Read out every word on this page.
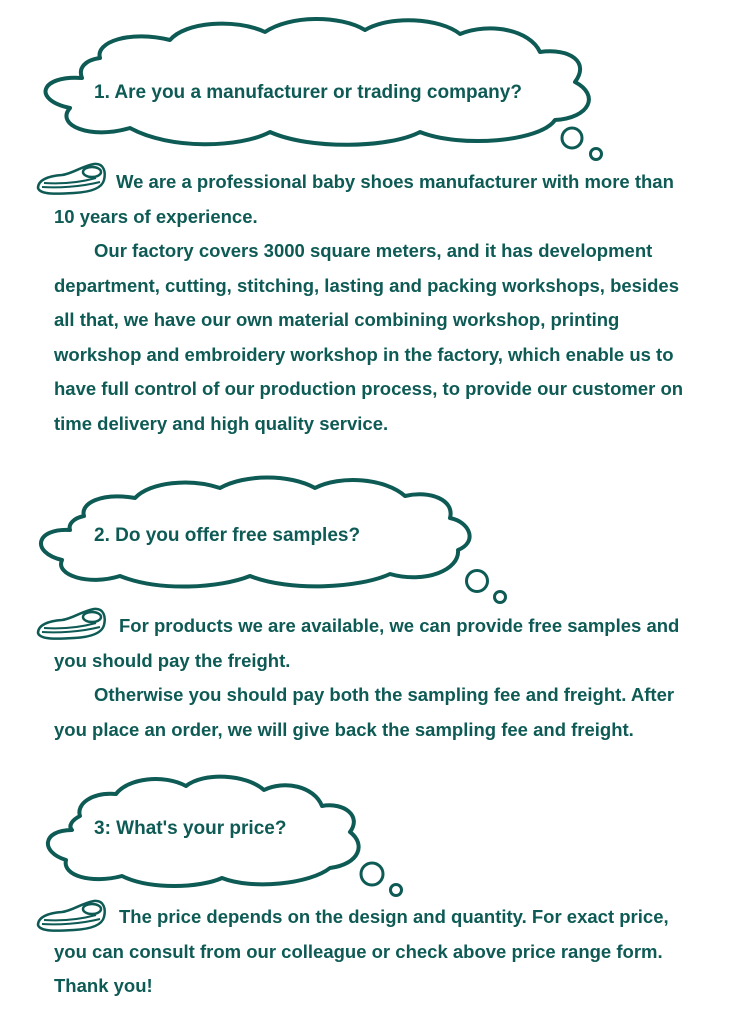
1. Are you a manufacturer or trading company?

We are a professional baby shoes manufacturer with more than
10 years of experience.
Our factory covers 3000 square meters, and it has development
department, cutting, stitching, lasting and packing workshops, besides
all that, we have our own material combining workshop, printing
workshop and embroidery workshop in the factory, which enable us to
have full control of our production process, to provide our customer on
time delivery and high quality service.

2. Do you offer free samples?

For products we are available, we can provide free samples and
you should pay the freight.
Otherwise you should pay both the sampling fee and freight. After
you place an order, we will give back the sampling fee and freight.

3: What's your price?

The price depends on the design and quantity. For exact price,
you can consult from our colleague or check above price range form.
Thank you!
